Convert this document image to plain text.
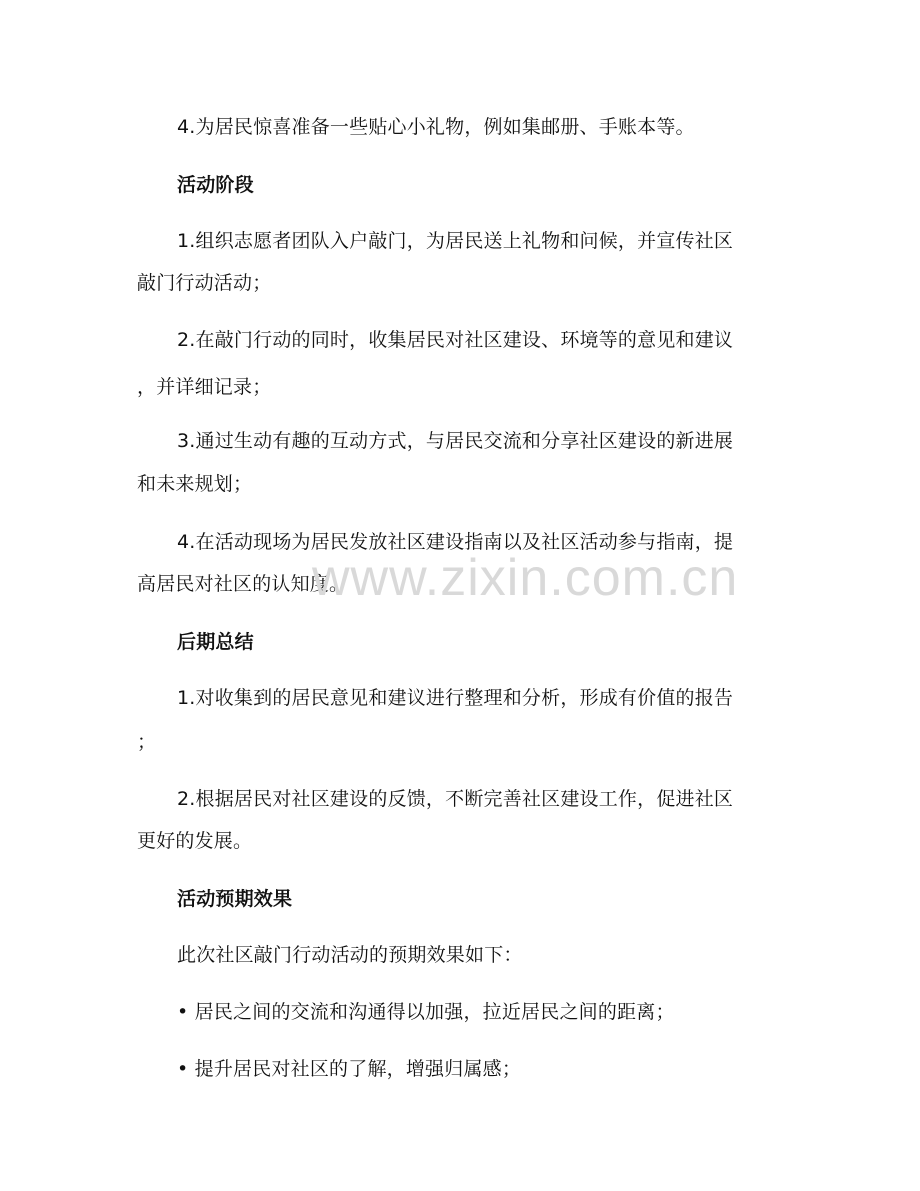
4.为居民惊喜准备一些贴心小礼物，例如集邮册、手账本等。
活动阶段
1.组织志愿者团队入户敲门，为居民送上礼物和问候，并宣传社区
敲门行动活动；
2.在敲门行动的同时，收集居民对社区建设、环境等的意见和建议
，并详细记录；
3.通过生动有趣的互动方式，与居民交流和分享社区建设的新进展
和未来规划；
4.在活动现场为居民发放社区建设指南以及社区活动参与指南，提
高居民对社区的认知度。
后期总结
1.对收集到的居民意见和建议进行整理和分析，形成有价值的报告
；
2.根据居民对社区建设的反馈，不断完善社区建设工作，促进社区
更好的发展。
活动预期效果
此次社区敲门行动活动的预期效果如下：
• 居民之间的交流和沟通得以加强，拉近居民之间的距离；
• 提升居民对社区的了解，增强归属感；
www.zixin.com.cn
